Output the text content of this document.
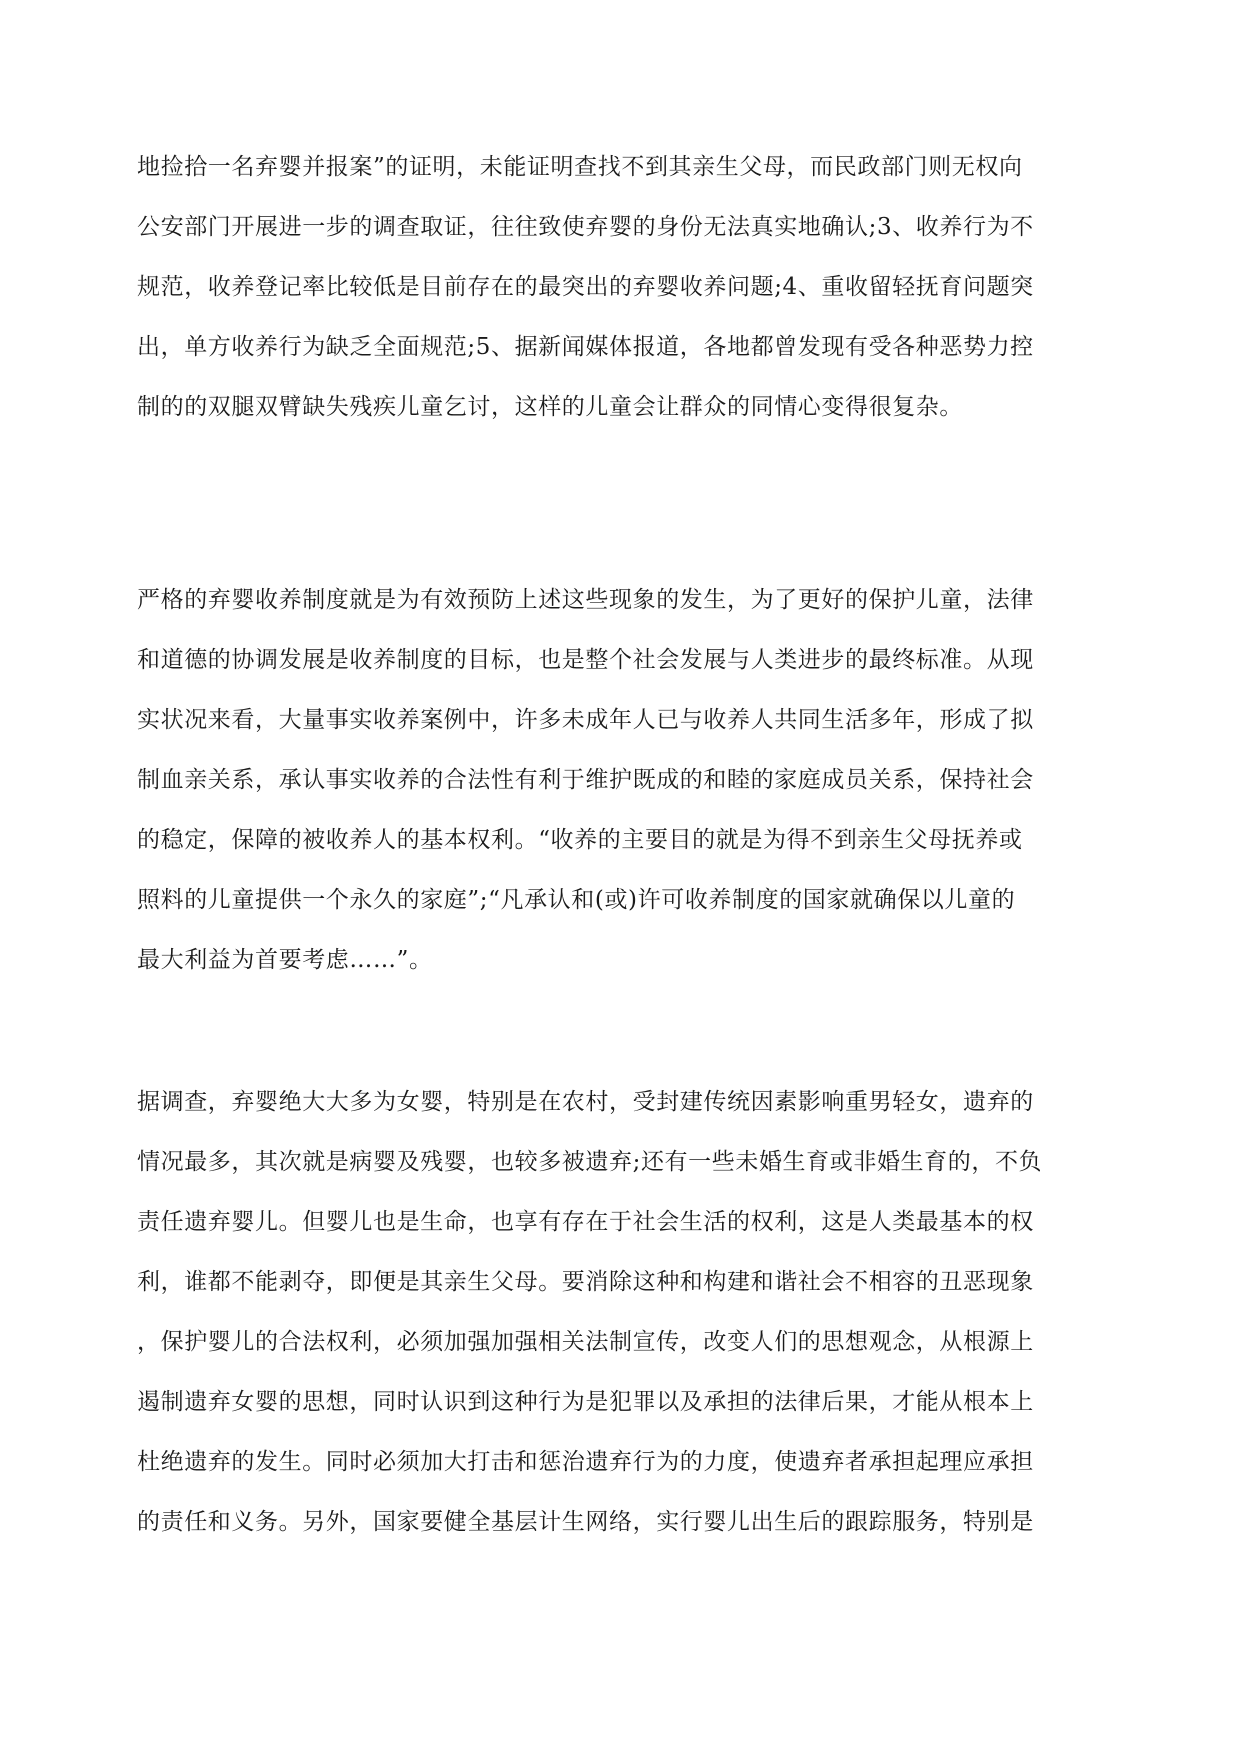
地捡拾一名弃婴并报案”的证明，未能证明查找不到其亲生父母，而民政部门则无权向
公安部门开展进一步的调查取证，往往致使弃婴的身份无法真实地确认;3、收养行为不
规范，收养登记率比较低是目前存在的最突出的弃婴收养问题;4、重收留轻抚育问题突
出，单方收养行为缺乏全面规范;5、据新闻媒体报道，各地都曾发现有受各种恶势力控
制的的双腿双臂缺失残疾儿童乞讨，这样的儿童会让群众的同情心变得很复杂。
严格的弃婴收养制度就是为有效预防上述这些现象的发生，为了更好的保护儿童，法律
和道德的协调发展是收养制度的目标，也是整个社会发展与人类进步的最终标准。从现
实状况来看，大量事实收养案例中，许多未成年人已与收养人共同生活多年，形成了拟
制血亲关系，承认事实收养的合法性有利于维护既成的和睦的家庭成员关系，保持社会
的稳定，保障的被收养人的基本权利。“收养的主要目的就是为得不到亲生父母抚养或
照料的儿童提供一个永久的家庭”;“凡承认和(或)许可收养制度的国家就确保以儿童的
最大利益为首要考虑……”。
据调查，弃婴绝大大多为女婴，特别是在农村，受封建传统因素影响重男轻女，遗弃的
情况最多，其次就是病婴及残婴，也较多被遗弃;还有一些未婚生育或非婚生育的，不负
责任遗弃婴儿。但婴儿也是生命，也享有存在于社会生活的权利，这是人类最基本的权
利，谁都不能剥夺，即便是其亲生父母。要消除这种和构建和谐社会不相容的丑恶现象
，保护婴儿的合法权利，必须加强加强相关法制宣传，改变人们的思想观念，从根源上
遏制遗弃女婴的思想，同时认识到这种行为是犯罪以及承担的法律后果，才能从根本上
杜绝遗弃的发生。同时必须加大打击和惩治遗弃行为的力度，使遗弃者承担起理应承担
的责任和义务。另外，国家要健全基层计生网络，实行婴儿出生后的跟踪服务，特别是
